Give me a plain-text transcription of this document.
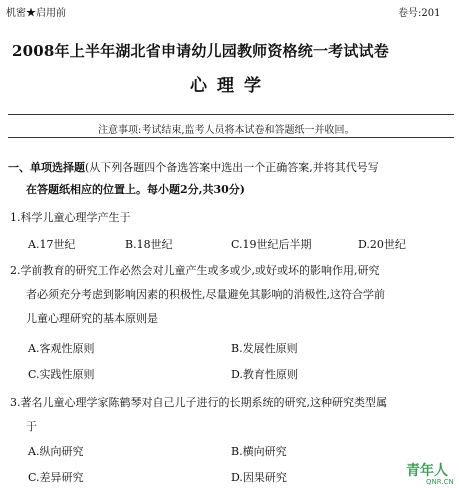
机密★启用前	卷号:201
2008年上半年湖北省申请幼儿园教师资格统一考试试卷
心理学
注意事项:考试结束,监考人员将本试卷和答题纸一并收回。
一、单项选择题(从下列各题四个备选答案中选出一个正确答案,并将其代号写
在答题纸相应的位置上。每小题2分,共30分)
1.科学儿童心理学产生于
A.17世纪	B.18世纪	C.19世纪后半期	D.20世纪
2.学前教育的研究工作必然会对儿童产生或多或少,或好或坏的影响作用,研究
者必须充分考虑到影响因素的积极性,尽量避免其影响的消极性,这符合学前
儿童心理研究的基本原则是
A.客观性原则	B.发展性原则
C.实践性原则	D.教育性原则
3.著名儿童心理学家陈鹤琴对自己儿子进行的长期系统的研究,这种研究类型属
于
A.纵向研究	B.横向研究
C.差异研究	D.因果研究	青年人
QNR.CN
